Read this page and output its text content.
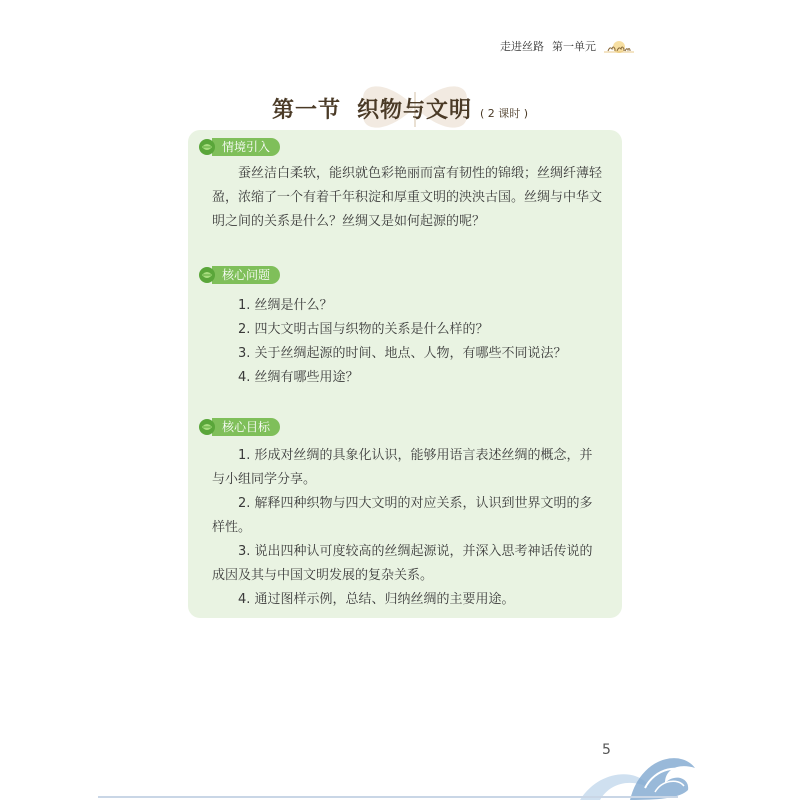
走进丝路 第一单元
第一节 织物与文明 ( 2 课时 )
情境引入
蚕丝洁白柔软，能织就色彩艳丽而富有韧性的锦缎；丝绸纤薄轻盈，浓缩了一个有着千年积淀和厚重文明的泱泱古国。丝绸与中华文明之间的关系是什么？丝绸又是如何起源的呢？
核心问题
1. 丝绸是什么？
2. 四大文明古国与织物的关系是什么样的？
3. 关于丝绸起源的时间、地点、人物，有哪些不同说法？
4. 丝绸有哪些用途？
核心目标
1. 形成对丝绸的具象化认识，能够用语言表述丝绸的概念，并与小组同学分享。
2. 解释四种织物与四大文明的对应关系，认识到世界文明的多样性。
3. 说出四种认可度较高的丝绸起源说，并深入思考神话传说的成因及其与中国文明发展的复杂关系。
4. 通过图样示例，总结、归纳丝绸的主要用途。
5
